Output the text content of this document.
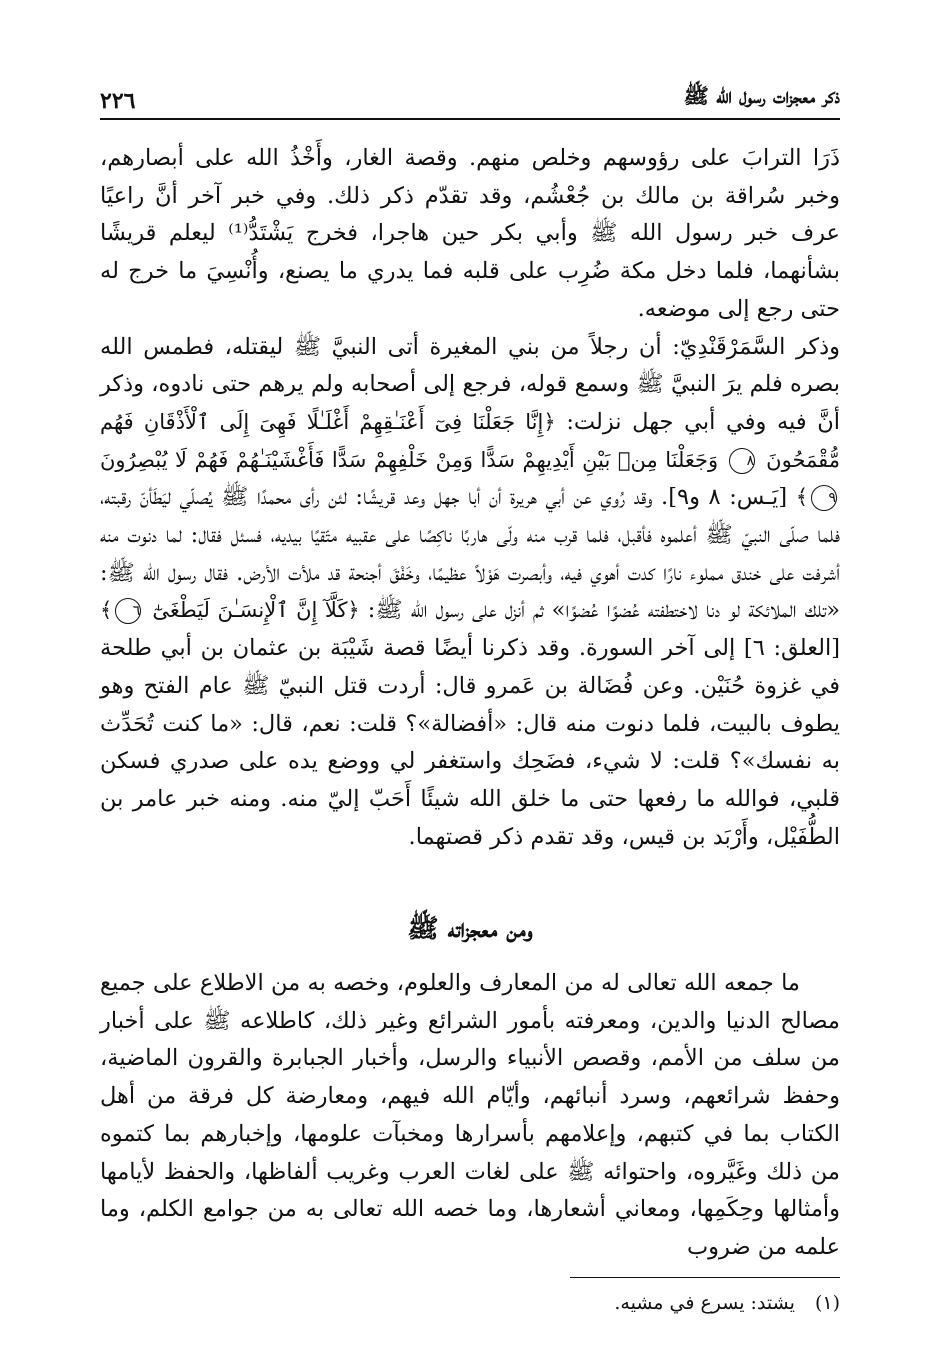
ذكر معجزات رسول الله ﷺ
٢٢٦

ذَرَا الترابَ على رؤوسهم وخلص منهم. وقصة الغار، وأَخْذُ الله على أبصارهم، وخبر سُراقة بن مالك بن جُعْشُم، وقد تقدّم ذكر ذلك. وفي خبر آخر أنَّ راعيًا عرف خبر رسول الله ﷺ وأبي بكر حين هاجرا، فخرج يَشْتَدُّ⁽¹⁾ ليعلم قريشًا بشأنهما، فلما دخل مكة ضُرِب على قلبه فما يدري ما يصنع، وأُنْسِيَ ما خرج له حتى رجع إلى موضعه.

وذكر السَّمَرْقَنْدِيّ: أن رجلاً من بني المغيرة أتى النبيَّ ﷺ ليقتله، فطمس الله بصره فلم يرَ النبيَّ ﷺ وسمع قوله، فرجع إلى أصحابه ولم يرهم حتى نادوه، وذكر أنَّ فيه وفي أبي جهل نزلت: ﴿إِنَّا جَعَلْنَا فِىٓ أَعْنَـٰقِهِمْ أَغْلَـٰلًا فَهِىَ إِلَى ٱلْأَذْقَانِ فَهُم مُّقْمَحُونَ ٨ وَجَعَلْنَا مِنۢ بَيْنِ أَيْدِيهِمْ سَدًّا وَمِنْ خَلْفِهِمْ سَدًّا فَأَغْشَيْنَـٰهُمْ فَهُمْ لَا يُبْصِرُونَ ٩﴾ [يَـس: ٨ و٩]. وقد رُوي عن أبي هريرة أن أبا جهل وعد قريشًا: لئن رأى محمدًا ﷺ يُصلّي ليَطَأنّ رقبته، فلما صلّى النبيّ ﷺ أعلموه فأقبل، فلما قرب منه ولّى هاربًا ناكِصًا على عقبيه متّقيًا بيديه، فسئل فقال: لما دنوت منه أشرفت على خندق مملوء نارًا كدت أهوي فيه، وأبصرت هَوْلاً عظيمًا، وخَفْقَ أجنحة قد ملأت الأرض. فقال رسول الله ﷺ: «تلك الملائكة لو دنا لاختطفته عُضوًا عُضوًا» ثم أنزل على رسول الله ﷺ: ﴿كَلَّآ إِنَّ ٱلْإِنسَـٰنَ لَيَطْغَىٰٓ ٦﴾ [العلق: ٦] إلى آخر السورة. وقد ذكرنا أيضًا قصة شَيْبَة بن عثمان بن أبي طلحة في غزوة حُنَيْن. وعن فُضَالة بن عَمرو قال: أردت قتل النبيّ ﷺ عام الفتح وهو يطوف بالبيت، فلما دنوت منه قال: «أفضالة»؟ قلت: نعم، قال: «ما كنت تُحَدِّث به نفسك»؟ قلت: لا شيء، فضَحِك واستغفر لي ووضع يده على صدري فسكن قلبي، فوالله ما رفعها حتى ما خلق الله شيئًا أَحَبّ إليّ منه. ومنه خبر عامر بن الطُّفَيْل، وأَرْبَد بن قيس، وقد تقدم ذكر قصتهما.

ومن معجزاته ﷺ
ما جمعه الله تعالى له من المعارف والعلوم، وخصه به من الاطلاع على جميع مصالح الدنيا والدين، ومعرفته بأمور الشرائع وغير ذلك، كاطلاعه ﷺ على أخبار من سلف من الأمم، وقصص الأنبياء والرسل، وأخبار الجبابرة والقرون الماضية، وحفظ شرائعهم، وسرد أنبائهم، وأيّام الله فيهم، ومعارضة كل فرقة من أهل الكتاب بما في كتبهم، وإعلامهم بأسرارها ومخبآت علومها، وإخبارهم بما كتموه من ذلك وغَيَّروه، واحتوائه ﷺ على لغات العرب وغريب ألفاظها، والحفظ لأيامها وأمثالها وحِكَمِها، ومعاني أشعارها، وما خصه الله تعالى به من جوامع الكلم، وما علمه من ضروب
(١) يشتد: يسرع في مشيه.
